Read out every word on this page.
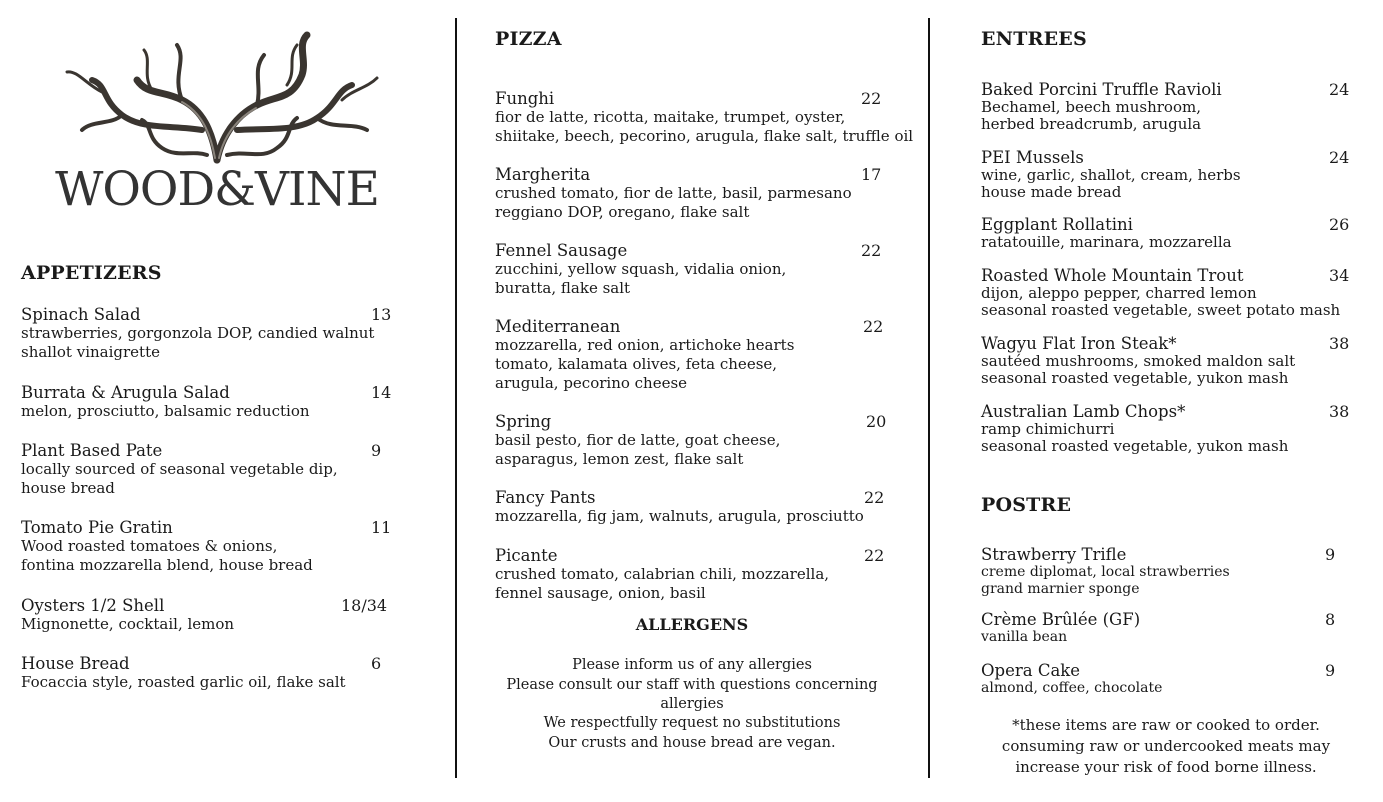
WOOD&VINE
APPETIZERS
Spinach Salad	13
strawberries, gorgonzola DOP, candied walnut
shallot vinaigrette
Burrata & Arugula Salad	14
melon, prosciutto, balsamic reduction
Plant Based Pate	9
locally sourced of seasonal vegetable dip,
house bread
Tomato Pie Gratin	11
Wood roasted tomatoes & onions,
fontina mozzarella blend, house bread
Oysters 1/2 Shell	18/34
Mignonette, cocktail, lemon
House Bread	6
Focaccia style, roasted garlic oil, flake salt
PIZZA
ALLERGENS
Please inform us of any allergies
Please consult our staff with questions concerning allergies
We respectfully request no substitutions
Our crusts and house bread are vegan.
Funghi	22
fior de latte, ricotta, maitake, trumpet, oyster,
shiitake, beech, pecorino, arugula, flake salt, truffle oil
Margherita	17
crushed tomato, fior de latte, basil, parmesano
reggiano DOP, oregano, flake salt
Fennel Sausage	22
zucchini, yellow squash, vidalia onion,
buratta, flake salt
Mediterranean	22
mozzarella, red onion, artichoke hearts
tomato, kalamata olives, feta cheese,
arugula, pecorino cheese
Spring	20
basil pesto, fior de latte, goat cheese,
asparagus, lemon zest, flake salt
Fancy Pants	22
mozzarella, fig jam, walnuts, arugula, prosciutto
Picante	22
crushed tomato, calabrian chili, mozzarella,
fennel sausage, onion, basil
ENTREES
POSTRE
*these items are raw or cooked to order.
consuming raw or undercooked meats may
increase your risk of food borne illness.
Baked Porcini Truffle Ravioli	24
Bechamel, beech mushroom,
herbed breadcrumb, arugula
PEI Mussels	24
wine, garlic, shallot, cream, herbs
house made bread
Eggplant Rollatini	26
ratatouille, marinara, mozzarella
Roasted Whole Mountain Trout	34
dijon, aleppo pepper, charred lemon
seasonal roasted vegetable, sweet potato mash
Wagyu Flat Iron Steak*	38
sautéed mushrooms, smoked maldon salt
seasonal roasted vegetable, yukon mash
Australian Lamb Chops*	38
ramp chimichurri
seasonal roasted vegetable, yukon mash
Strawberry Trifle	9
creme diplomat, local strawberries
grand marnier sponge
Crème Brûlée (GF)	8
vanilla bean
Opera Cake	9
almond, coffee, chocolate
